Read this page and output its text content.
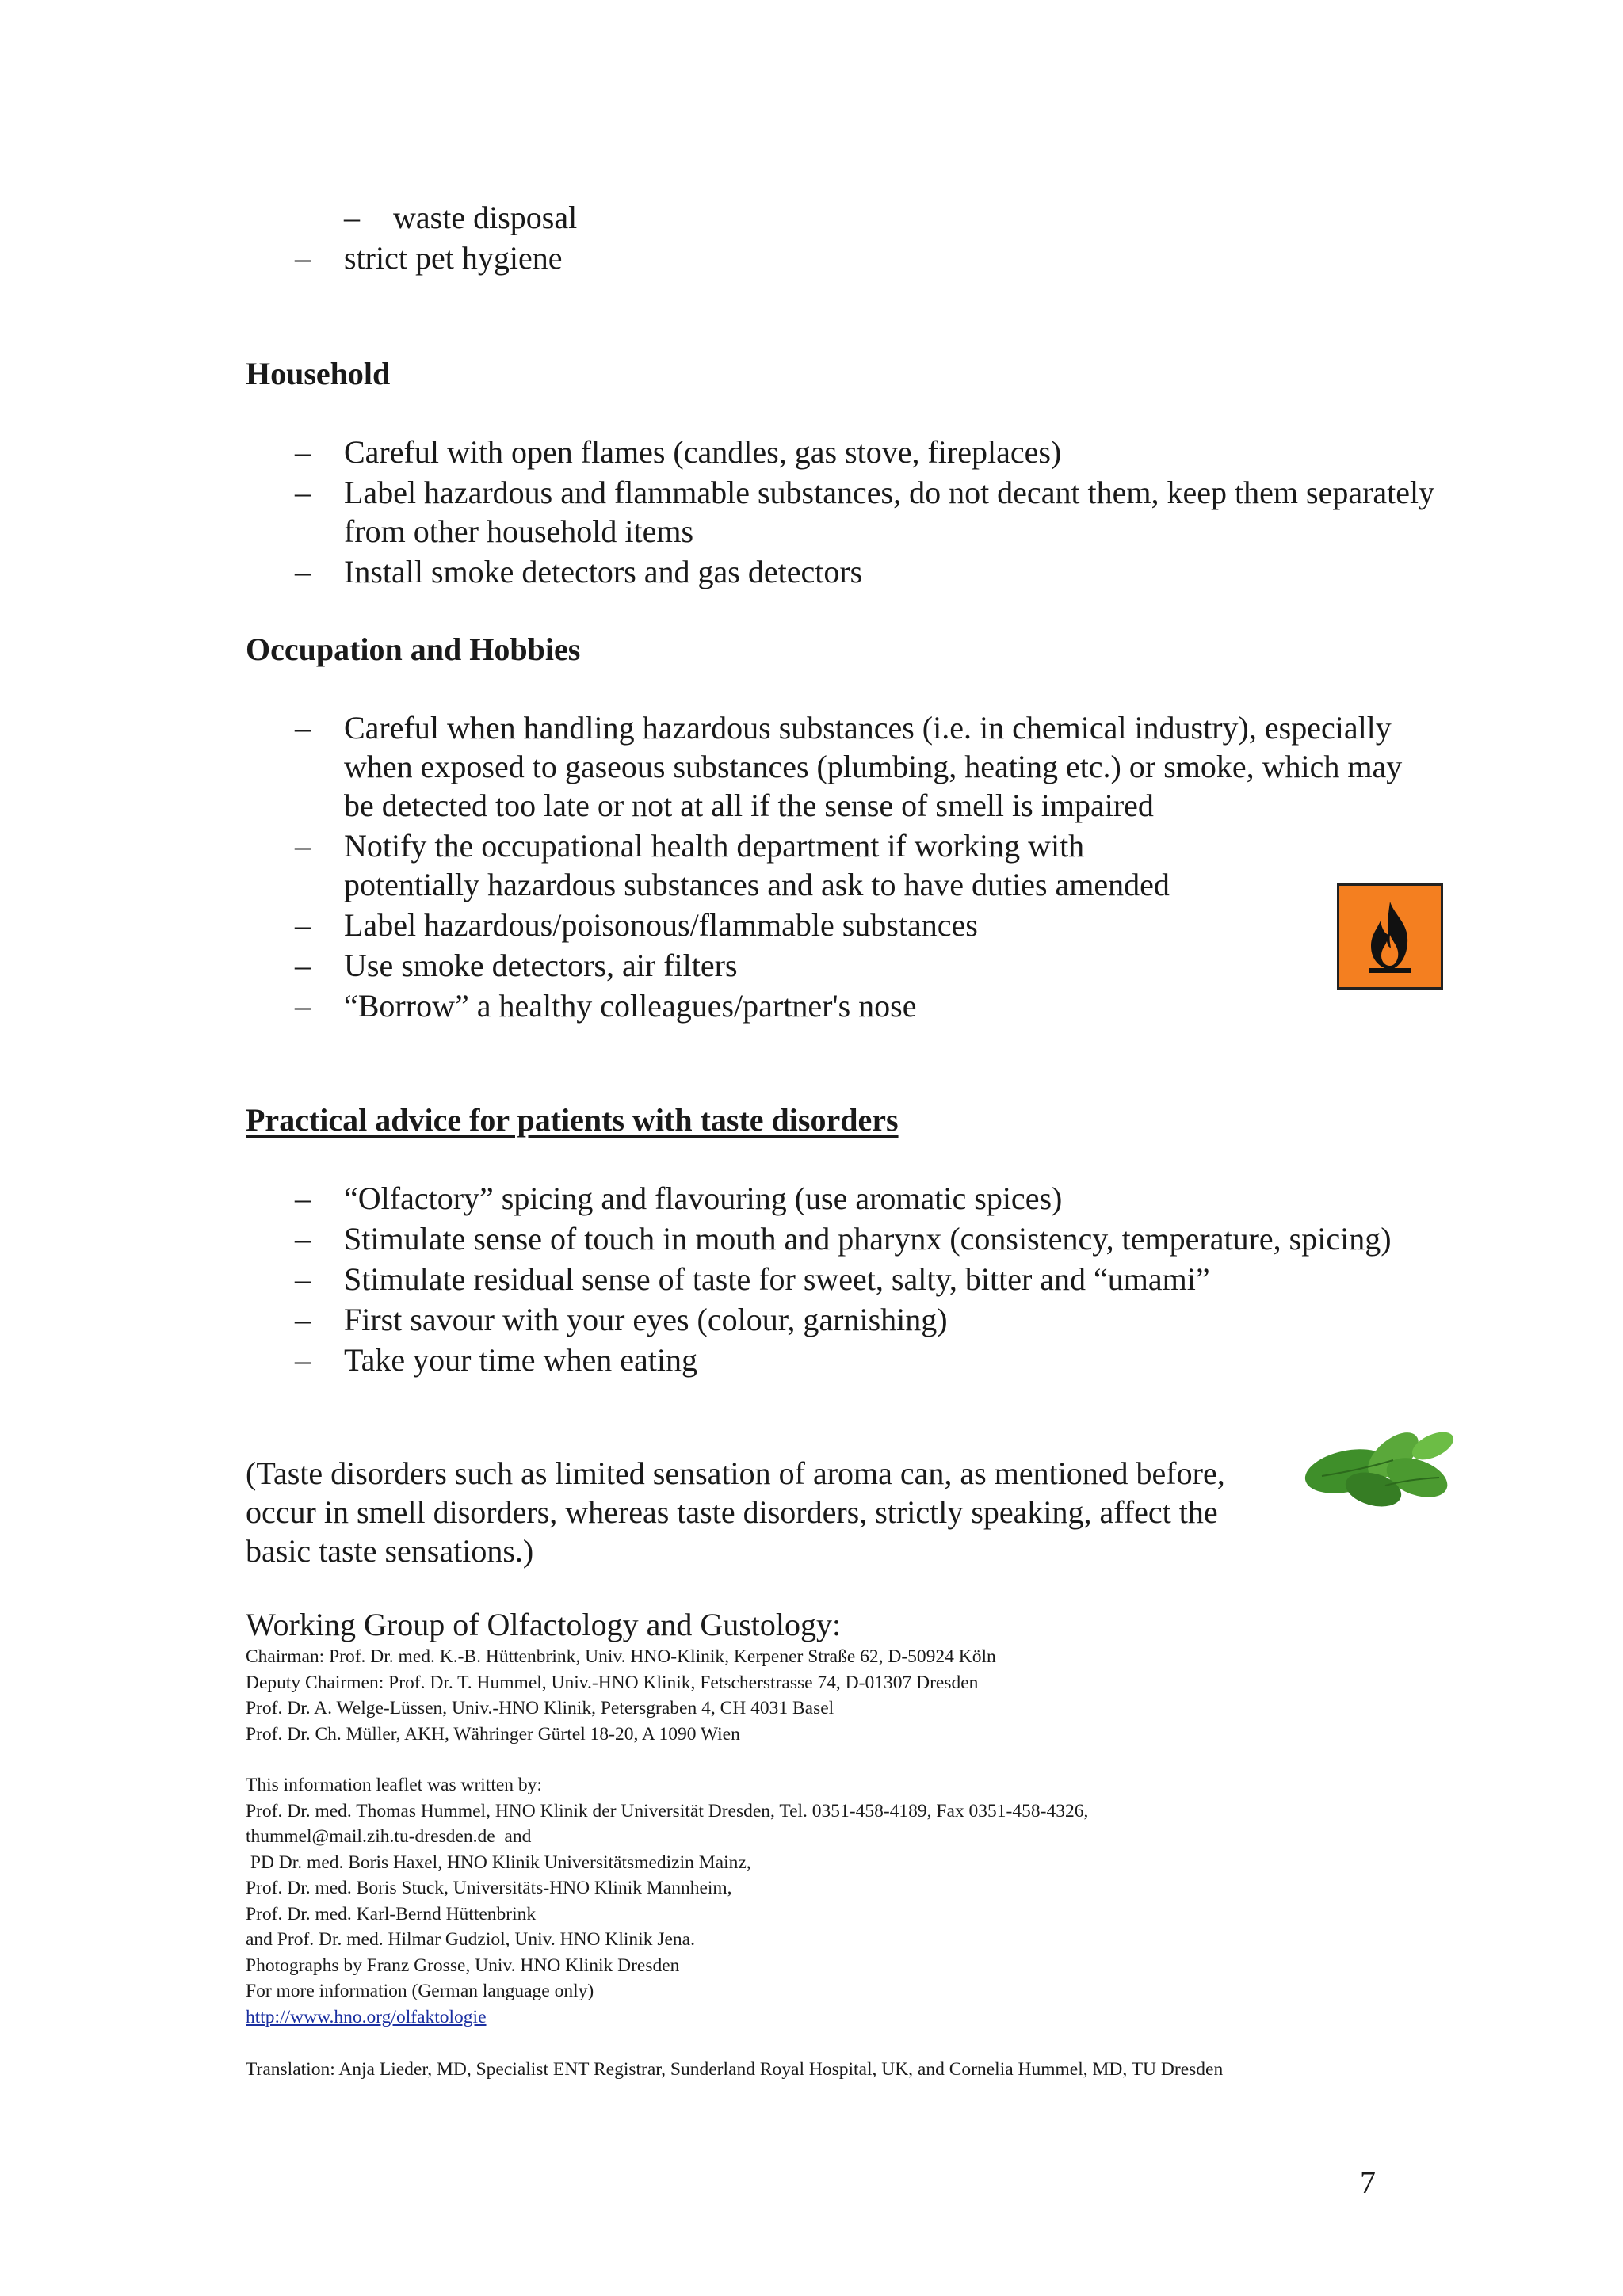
– waste disposal
– strict pet hygiene
Household
– Careful with open flames (candles, gas stove, fireplaces)
– Label hazardous and flammable substances, do not decant them, keep them separately from other household items
– Install smoke detectors and gas detectors
Occupation and Hobbies
– Careful when handling hazardous substances (i.e. in chemical industry), especially when exposed to gaseous substances (plumbing, heating etc.) or smoke, which may be detected too late or not at all if the sense of smell is impaired
– Notify the occupational health department if working with potentially hazardous substances and ask to have duties amended
– Label hazardous/poisonous/flammable substances
– Use smoke detectors, air filters
– “Borrow” a healthy colleagues/partner's nose
Practical advice for patients with taste disorders
– “Olfactory” spicing and flavouring (use aromatic spices)
– Stimulate sense of touch in mouth and pharynx (consistency, temperature, spicing)
– Stimulate residual sense of taste for sweet, salty, bitter and “umami”
– First savour with your eyes (colour, garnishing)
– Take your time when eating
(Taste disorders such as limited sensation of aroma can, as mentioned before, occur in smell disorders, whereas taste disorders, strictly speaking, affect the basic taste sensations.)
Working Group of Olfactology and Gustology:
Chairman: Prof. Dr. med. K.-B. Hüttenbrink, Univ. HNO-Klinik, Kerpener Straße 62, D-50924 Köln
Deputy Chairmen: Prof. Dr. T. Hummel, Univ.-HNO Klinik, Fetscherstrasse 74, D-01307 Dresden
Prof. Dr. A. Welge-Lüssen, Univ.-HNO Klinik, Petersgraben 4, CH 4031 Basel
Prof. Dr. Ch. Müller, AKH, Währinger Gürtel 18-20, A 1090 Wien
This information leaflet was written by:
Prof. Dr. med. Thomas Hummel, HNO Klinik der Universität Dresden, Tel. 0351-458-4189, Fax 0351-458-4326,
thummel@mail.zih.tu-dresden.de  and
PD Dr. med. Boris Haxel, HNO Klinik Universitätsmedizin Mainz,
Prof. Dr. med. Boris Stuck, Universitäts-HNO Klinik Mannheim,
Prof. Dr. med. Karl-Bernd Hüttenbrink
and Prof. Dr. med. Hilmar Gudziol, Univ. HNO Klinik Jena.
Photographs by Franz Grosse, Univ. HNO Klinik Dresden
For more information (German language only)
http://www.hno.org/olfaktologie
Translation: Anja Lieder, MD, Specialist ENT Registrar, Sunderland Royal Hospital, UK, and Cornelia Hummel, MD, TU Dresden
7
